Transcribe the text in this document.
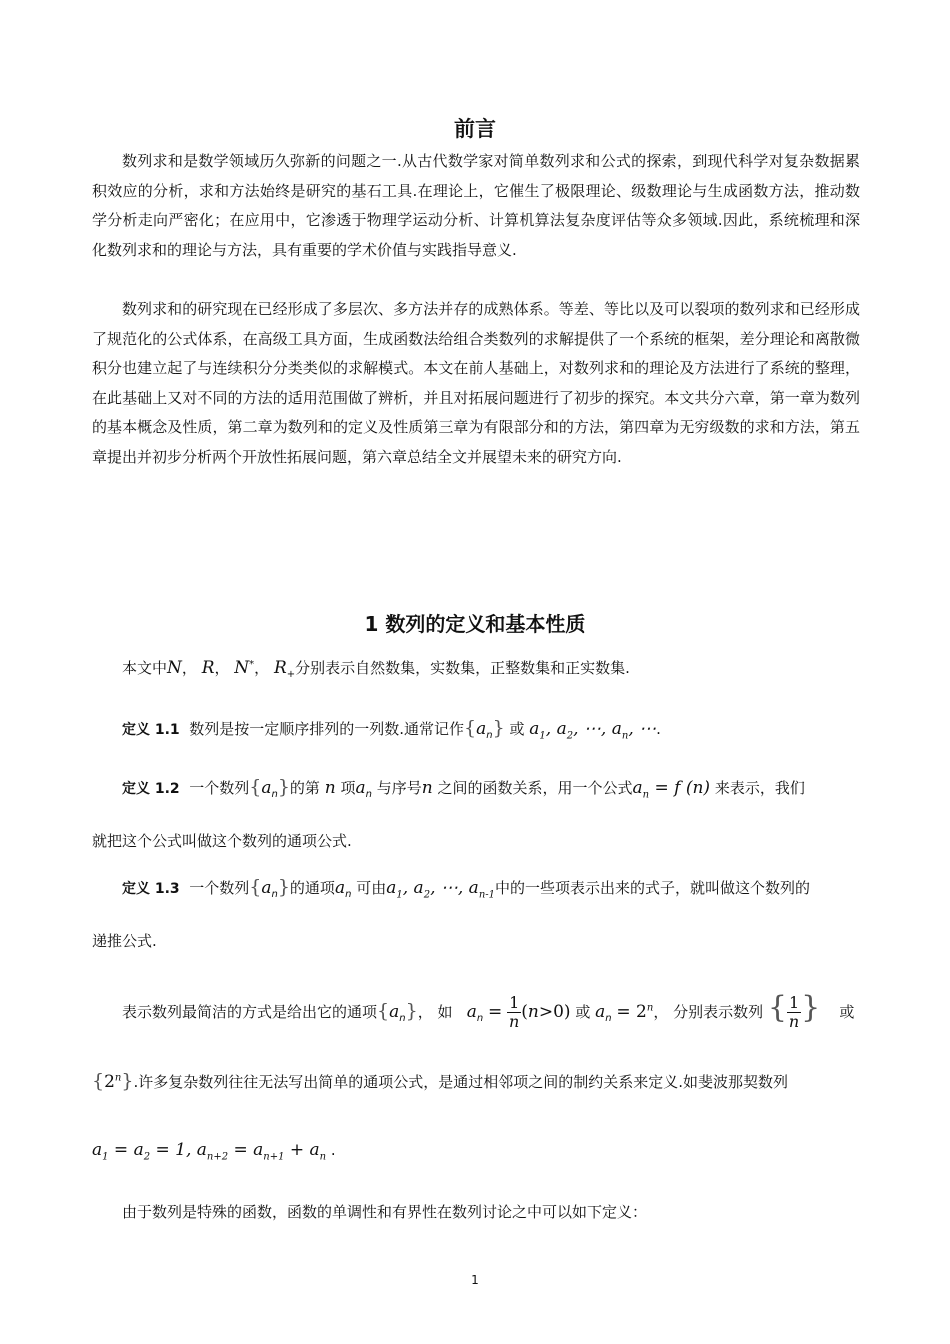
前言

数列求和是数学领域历久弥新的问题之一.从古代数学家对简单数列求和公式的探索，到现代科学对复杂数据累积效应的分析，求和方法始终是研究的基石工具.在理论上，它催生了极限理论、级数理论与生成函数方法，推动数学分析走向严密化；在应用中，它渗透于物理学运动分析、计算机算法复杂度评估等众多领域.因此，系统梳理和深化数列求和的理论与方法，具有重要的学术价值与实践指导意义.

数列求和的研究现在已经形成了多层次、多方法并存的成熟体系。等差、等比以及可以裂项的数列求和已经形成了规范化的公式体系，在高级工具方面，生成函数法给组合类数列的求解提供了一个系统的框架，差分理论和离散微积分也建立起了与连续积分分类类似的求解模式。本文在前人基础上，对数列求和的理论及方法进行了系统的整理，在此基础上又对不同的方法的适用范围做了辨析，并且对拓展问题进行了初步的探究。本文共分六章，第一章为数列的基本概念及性质，第二章为数列和的定义及性质第三章为有限部分和的方法，第四章为无穷级数的求和方法，第五章提出并初步分析两个开放性拓展问题，第六章总结全文并展望未来的研究方向.

1 数列的定义和基本性质
本文中N， R， N*， $R_+$分别表示自然数集，实数集，正整数集和正实数集.
定义 1.1 数列是按一定顺序排列的一列数.通常记作$\{a_n\}$ 或 $a_1$, $a_2$, ⋯, $a_n$, ⋯.
定义 1.2 一个数列$\{a_n\}$的第 n 项$a_n$ 与序号n 之间的函数关系，用一个公式$a_n = f$ (n) 来表示，我们
就把这个公式叫做这个数列的通项公式.
定义 1.3 一个数列$\{a_n\}$的通项$a_n$ 可由$a_1$, $a_2$, ⋯, $a_{n-1}$中的一些项表示出来的式子，就叫做这个数列的
递推公式.
表示数列最简洁的方式是给出它的通项$\{a_n\}$， 如 $a_n = \frac{1}{n} (n>0)$ 或 $a_n = 2^n$， 分别表示数列 { $\frac{1}{n}$ } 或
{2$^n$}.许多复杂数列往往无法写出简单的通项公式，是通过相邻项之间的制约关系来定义.如斐波那契数列
$a_1 = a_2 = 1$, $a_{n+2} = a_{n+1} + a_n$ .
由于数列是特殊的函数，函数的单调性和有界性在数列讨论之中可以如下定义：
1
